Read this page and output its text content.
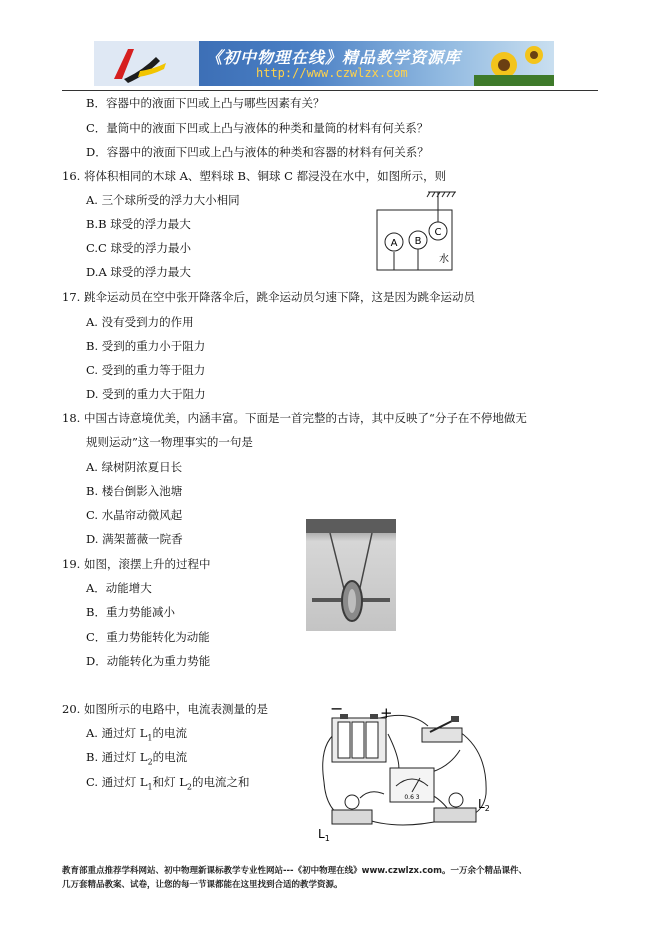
《初中物理在线》精品教学资源库
http://www.czwlzx.com
B．容器中的液面下凹或上凸与哪些因素有关？
C．量筒中的液面下凹或上凸与液体的种类和量筒的材料有何关系？
D．容器中的液面下凹或上凸与液体的种类和容器的材料有何关系？
16. 将体积相同的木球 A、塑料球 B、铜球 C 都浸没在水中，如图所示，则
A. 三个球所受的浮力大小相同
B.B 球受的浮力最大
C.C 球受的浮力最小
D.A 球受的浮力最大
A B
C
水
17. 跳伞运动员在空中张开降落伞后，跳伞运动员匀速下降，这是因为跳伞运动员
A. 没有受到力的作用
B. 受到的重力小于阻力
C. 受到的重力等于阻力
D. 受到的重力大于阻力
18. 中国古诗意境优美，内涵丰富。下面是一首完整的古诗，其中反映了“分子在不停地做无
规则运动”这一物理事实的一句是
A. 绿树阴浓夏日长
B. 楼台倒影入池塘
C. 水晶帘动微风起
D. 满架蔷薇一院香
19. 如图，滚摆上升的过程中
A．动能增大
B．重力势能减小
C．重力势能转化为动能
D．动能转化为重力势能
20. 如图所示的电路中，电流表测量的是
A. 通过灯 $L_1$的电流
B. 通过灯 $L_2$的电流
C. 通过灯 $L_1$和灯 $L_2$的电流之和
− +
0.6 3
$L_1$
$L_2$
教育部重点推荐学科网站、初中物理新课标教学专业性网站---《初中物理在线》www.czwlzx.com。一万余个精品课件、
几万套精品教案、试卷，让您的每一节课都能在这里找到合适的教学资源。
